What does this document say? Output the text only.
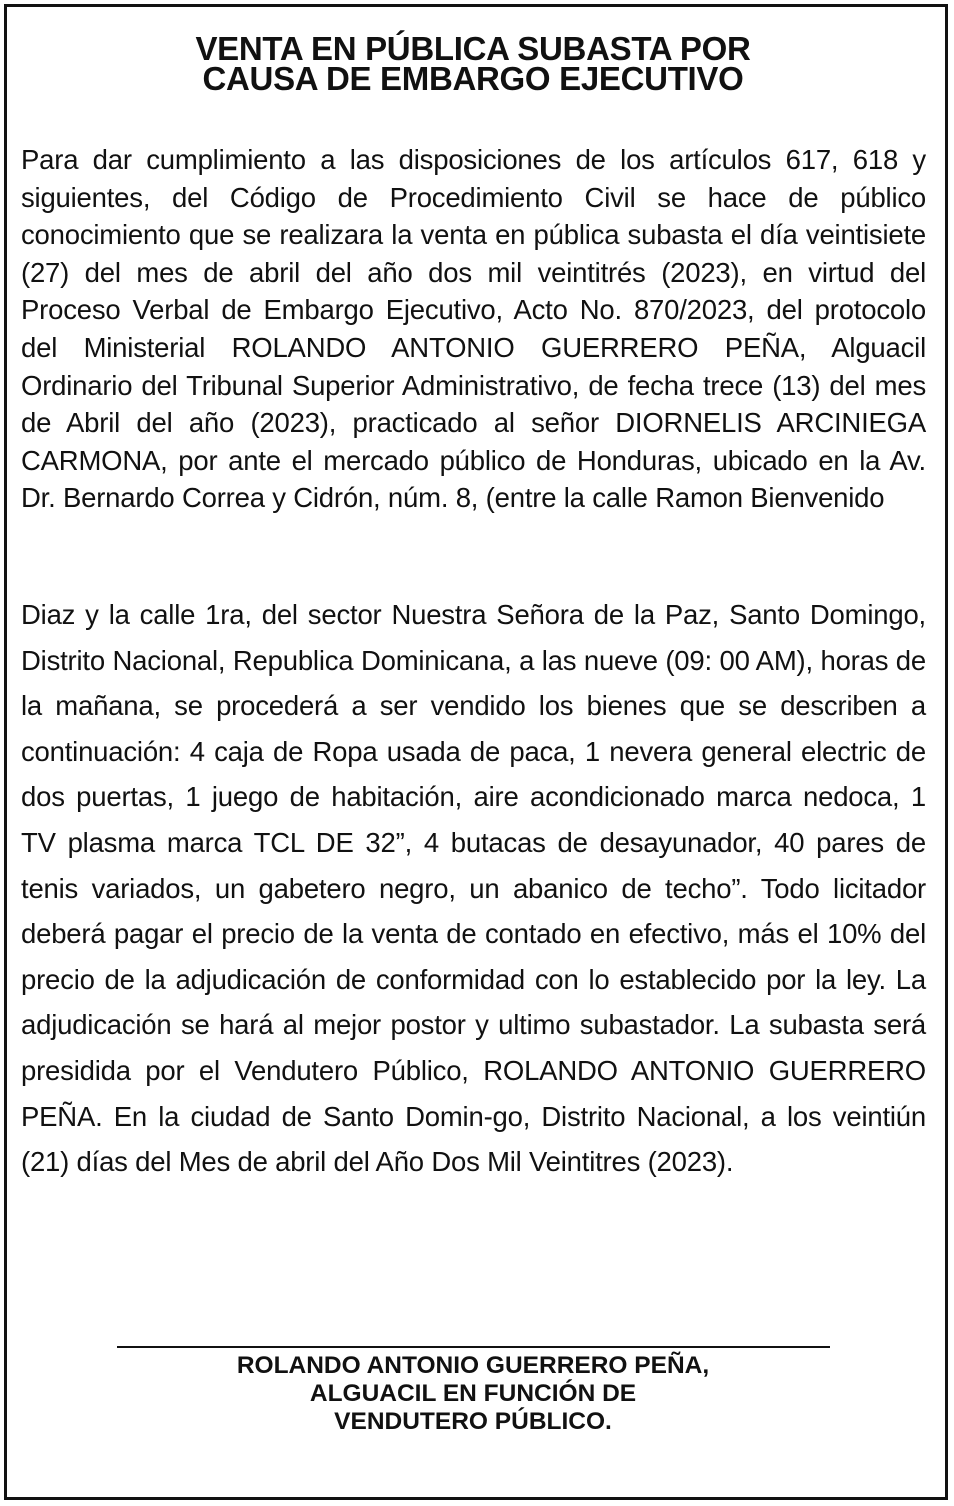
VENTA EN PÚBLICA SUBASTA POR
CAUSA DE EMBARGO EJECUTIVO

Para dar cumplimiento a las disposiciones de los artículos 617, 618 y siguientes, del Código de Procedimiento Civil se hace de público conocimiento que se realizara la venta en pública subasta el día veintisiete (27) del mes de abril del año dos mil veintitrés (2023), en virtud del Proceso Verbal de Embargo Ejecutivo, Acto No. 870/2023, del protocolo del Ministerial ROLANDO ANTONIO GUERRERO PEÑA, Alguacil Ordinario del Tribunal Superior Administrativo, de fecha trece (13) del mes de Abril del año (2023), practicado al señor DIORNELIS ARCINIEGA CARMONA, por ante el mercado público de Honduras, ubicado en la Av. Dr. Bernardo Correa y Cidrón, núm. 8, (entre la calle Ramon Bienvenido

Diaz y la calle 1ra, del sector Nuestra Señora de la Paz, Santo Domingo, Distrito Nacional, Republica Dominicana, a las nueve (09: 00 AM), horas de la mañana, se procederá a ser vendido los bienes que se describen a continuación: 4 caja de Ropa usada de paca, 1 nevera general electric de dos puertas, 1 juego de habitación, aire acondicionado marca nedoca, 1 TV plasma marca TCL DE 32”, 4 butacas de desayunador, 40 pares de tenis variados, un gabetero negro, un abanico de techo”. Todo licitador deberá pagar el precio de la venta de contado en efectivo, más el 10% del precio de la adjudicación de conformidad con lo establecido por la ley. La adjudicación se hará al mejor postor y ultimo subastador. La subasta será presidida por el Vendutero Público, ROLANDO ANTONIO GUERRERO PEÑA. En la ciudad de Santo Domin-go, Distrito Nacional, a los veintiún (21) días del Mes de abril del Año Dos Mil Veintitres (2023).

ROLANDO ANTONIO GUERRERO PEÑA,
ALGUACIL EN FUNCIÓN DE
VENDUTERO PÚBLICO.
